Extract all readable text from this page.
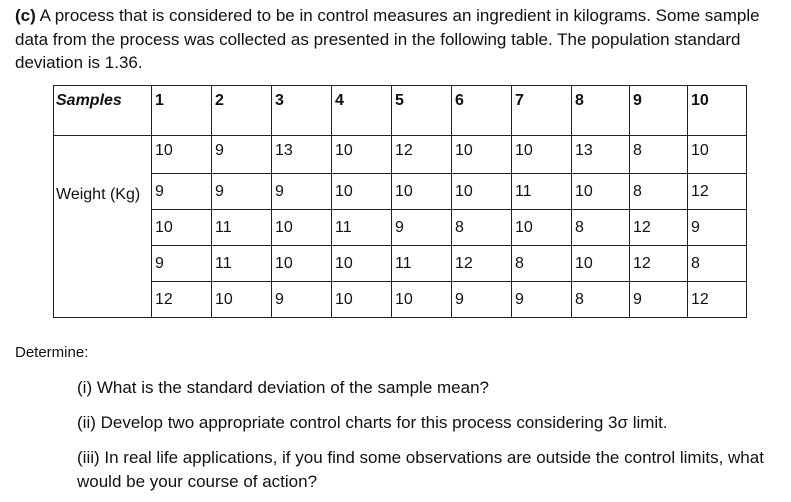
(c) A process that is considered to be in control measures an ingredient in kilograms. Some sample data from the process was collected as presented in the following table. The population standard deviation is 1.36.

Samples	1	2	3	4	5	6	7	8	9	10
Weight (Kg)	10	9	13	10	12	10	10	13	8	10
	9	9	9	10	10	10	11	10	8	12
	10	11	10	11	9	8	10	8	12	9
	9	11	10	10	11	12	8	10	12	8
	12	10	9	10	10	9	9	8	9	12
Determine:

(i) What is the standard deviation of the sample mean?

(ii) Develop two appropriate control charts for this process considering 3σ limit.

(iii) In real life applications, if you find some observations are outside the control limits, what would be your course of action?
